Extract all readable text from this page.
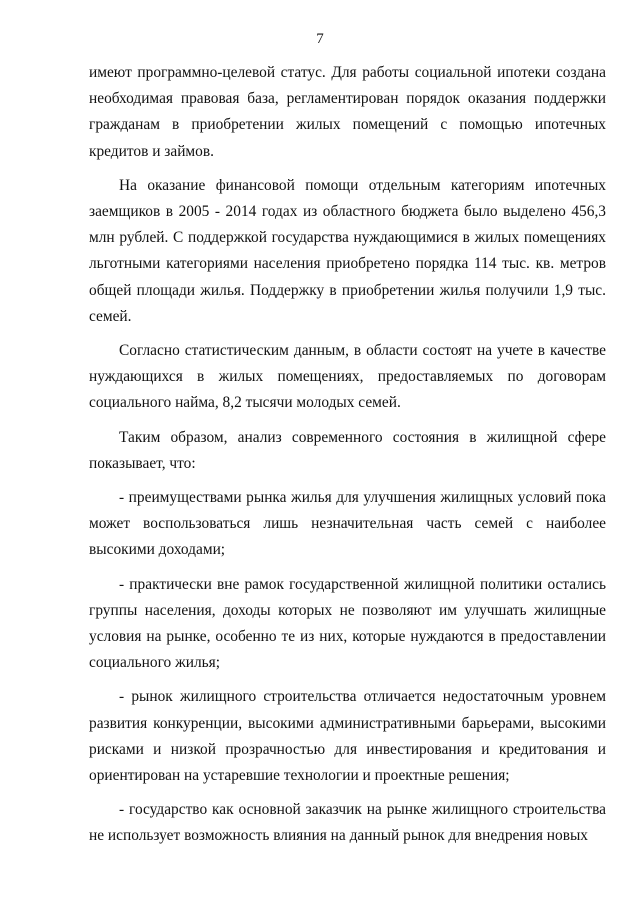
7

имеют программно-целевой статус. Для работы социальной ипотеки создана необходимая правовая база, регламентирован порядок оказания поддержки гражданам в приобретении жилых помещений с помощью ипотечных кредитов и займов.

На оказание финансовой помощи отдельным категориям ипотечных заемщиков в 2005 - 2014 годах из областного бюджета было выделено 456,3 млн рублей. С поддержкой государства нуждающимися в жилых помещениях льготными категориями населения приобретено порядка 114 тыс. кв. метров общей площади жилья. Поддержку в приобретении жилья получили 1,9 тыс. семей.

Согласно статистическим данным, в области состоят на учете в качестве нуждающихся в жилых помещениях, предоставляемых по договорам социального найма, 8,2 тысячи молодых семей.

Таким образом, анализ современного состояния в жилищной сфере показывает, что:

- преимуществами рынка жилья для улучшения жилищных условий пока может воспользоваться лишь незначительная часть семей с наиболее высокими доходами;

- практически вне рамок государственной жилищной политики остались группы населения, доходы которых не позволяют им улучшать жилищные условия на рынке, особенно те из них, которые нуждаются в предоставлении социального жилья;

- рынок жилищного строительства отличается недостаточным уровнем развития конкуренции, высокими административными барьерами, высокими рисками и низкой прозрачностью для инвестирования и кредитования и ориентирован на устаревшие технологии и проектные решения;

- государство как основной заказчик на рынке жилищного строительства не использует возможность влияния на данный рынок для внедрения новых
